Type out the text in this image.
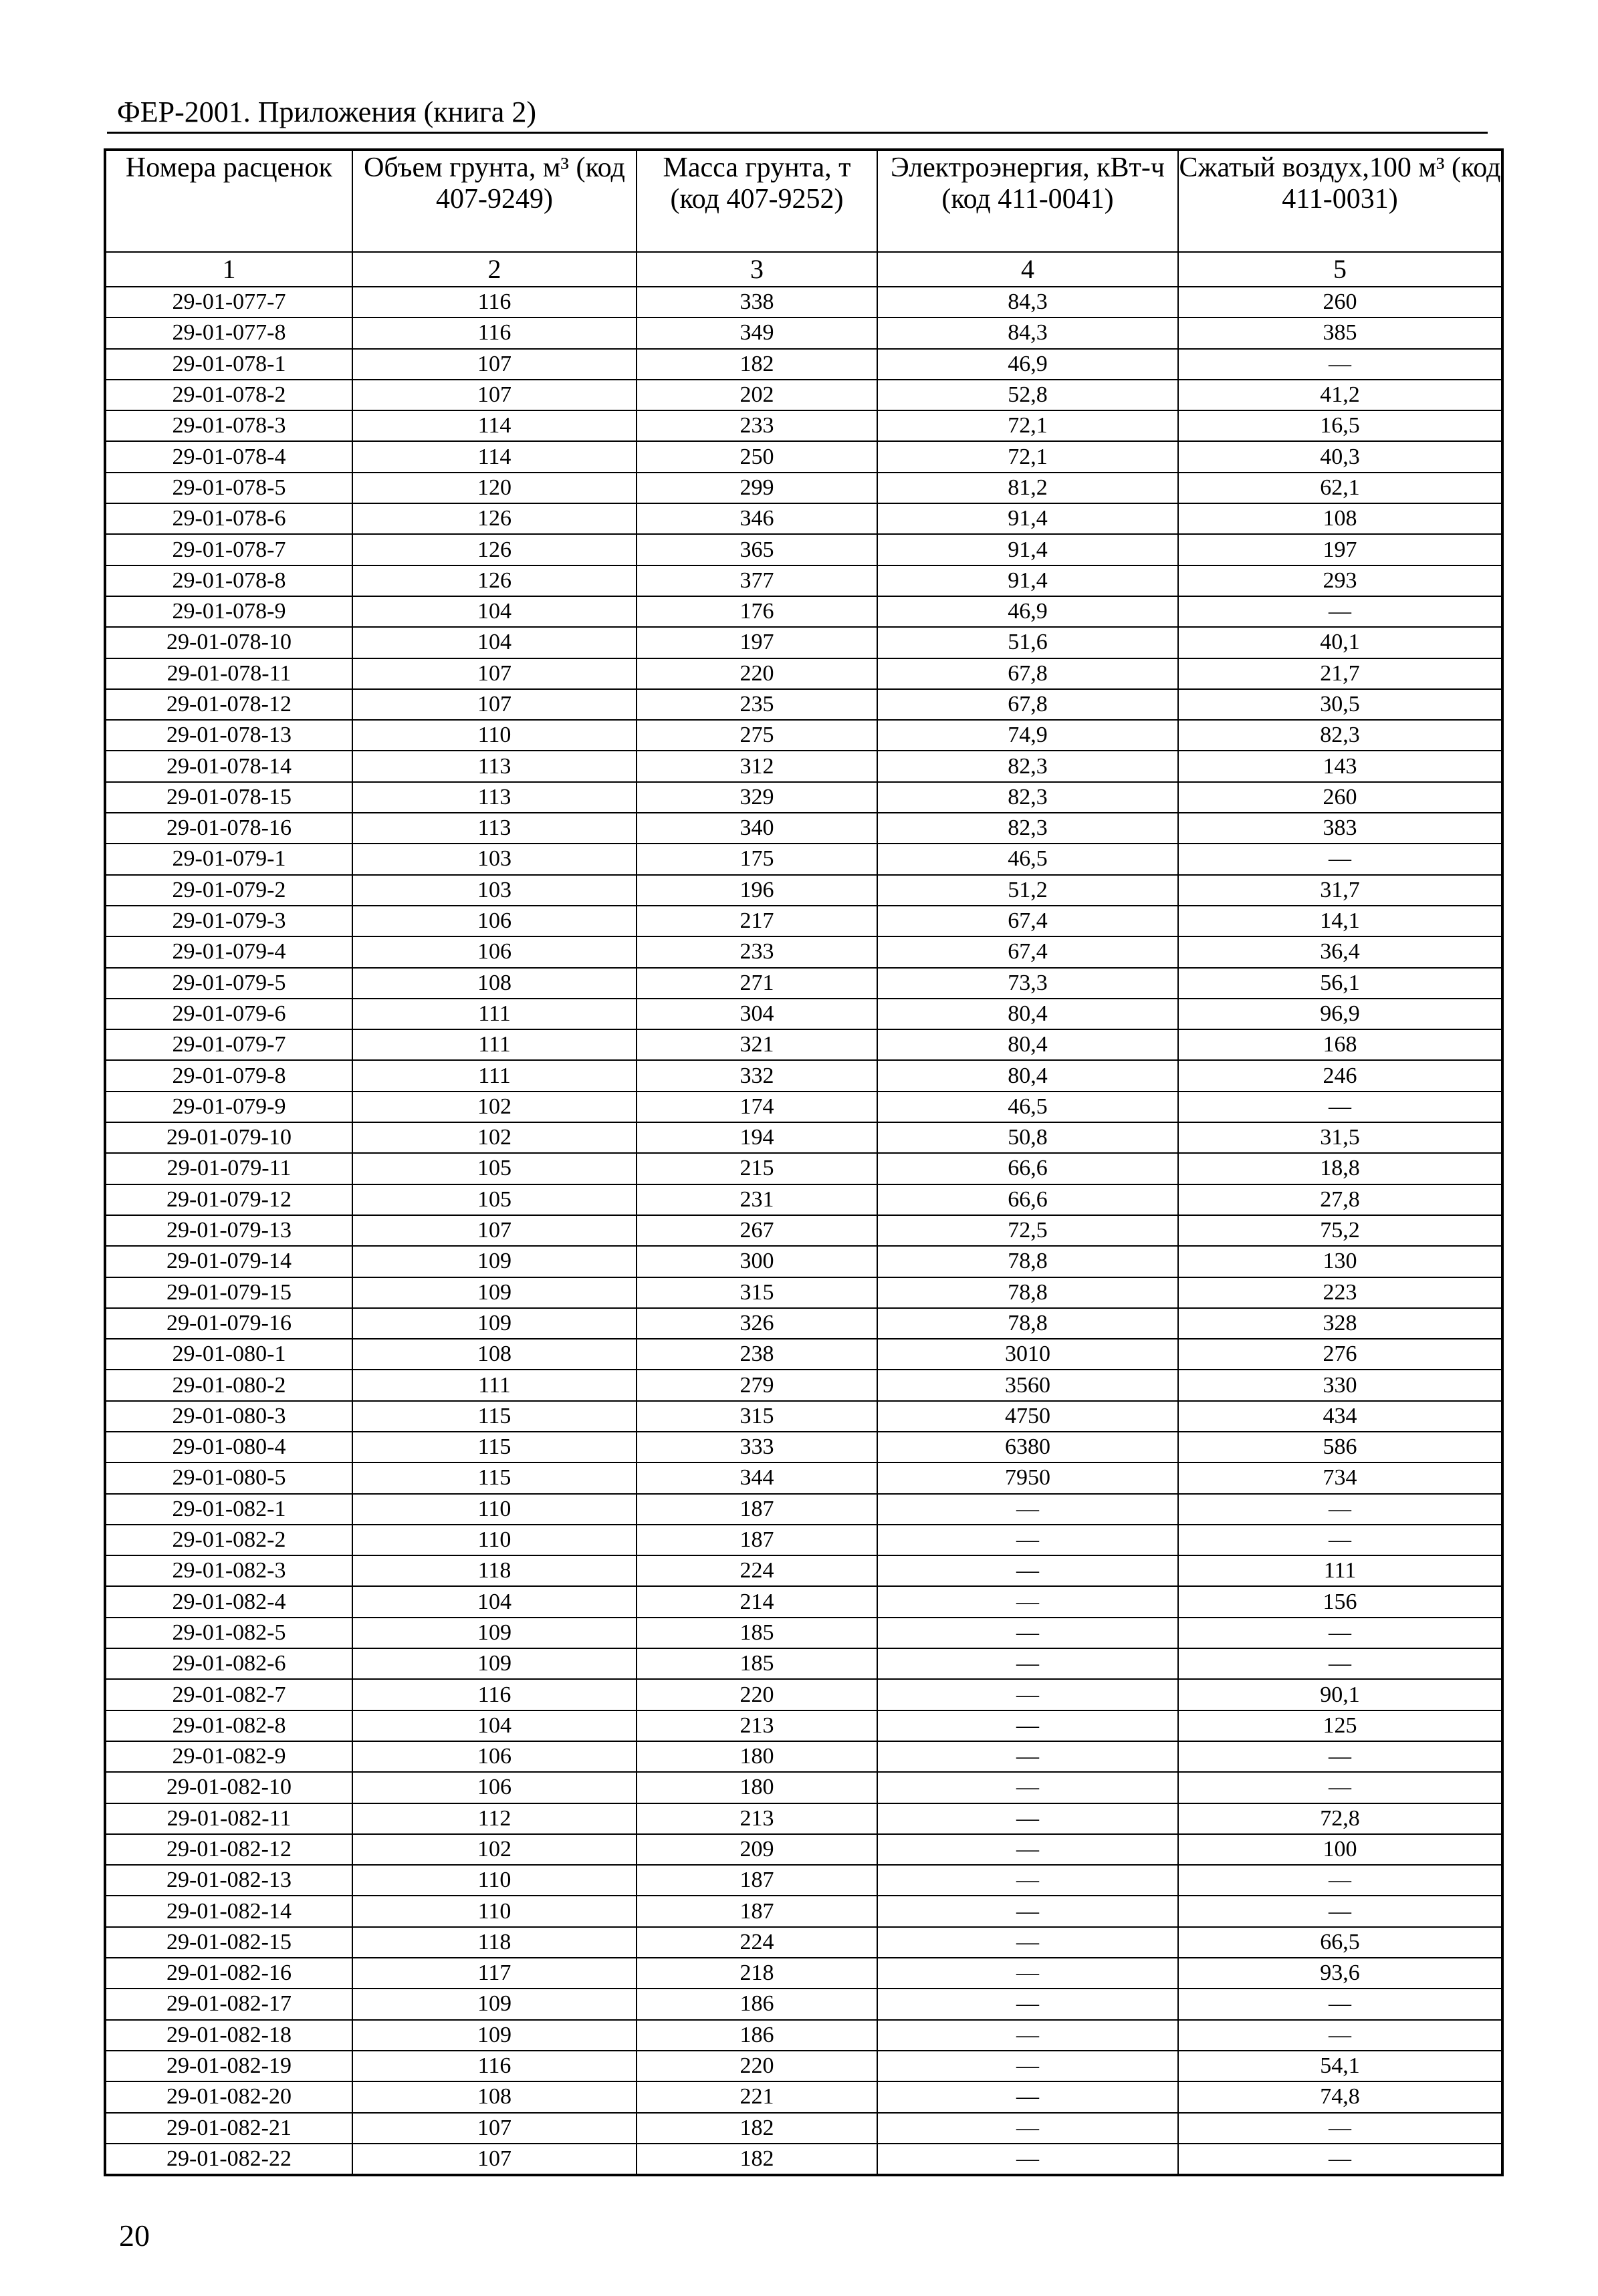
ФЕР-2001. Приложения (книга 2)
Номера расценок	Объем грунта, м³ (код 407-9249)	Масса грунта, т (код 407-9252)	Электроэнергия, кВт-ч (код 411-0041)	Сжатый воздух,100 м³ (код 411-0031)
1	2	3	4	5
29-01-077-7	116	338	84,3	260
29-01-077-8	116	349	84,3	385
29-01-078-1	107	182	46,9	—
29-01-078-2	107	202	52,8	41,2
29-01-078-3	114	233	72,1	16,5
29-01-078-4	114	250	72,1	40,3
29-01-078-5	120	299	81,2	62,1
29-01-078-6	126	346	91,4	108
29-01-078-7	126	365	91,4	197
29-01-078-8	126	377	91,4	293
29-01-078-9	104	176	46,9	—
29-01-078-10	104	197	51,6	40,1
29-01-078-11	107	220	67,8	21,7
29-01-078-12	107	235	67,8	30,5
29-01-078-13	110	275	74,9	82,3
29-01-078-14	113	312	82,3	143
29-01-078-15	113	329	82,3	260
29-01-078-16	113	340	82,3	383
29-01-079-1	103	175	46,5	—
29-01-079-2	103	196	51,2	31,7
29-01-079-3	106	217	67,4	14,1
29-01-079-4	106	233	67,4	36,4
29-01-079-5	108	271	73,3	56,1
29-01-079-6	111	304	80,4	96,9
29-01-079-7	111	321	80,4	168
29-01-079-8	111	332	80,4	246
29-01-079-9	102	174	46,5	—
29-01-079-10	102	194	50,8	31,5
29-01-079-11	105	215	66,6	18,8
29-01-079-12	105	231	66,6	27,8
29-01-079-13	107	267	72,5	75,2
29-01-079-14	109	300	78,8	130
29-01-079-15	109	315	78,8	223
29-01-079-16	109	326	78,8	328
29-01-080-1	108	238	3010	276
29-01-080-2	111	279	3560	330
29-01-080-3	115	315	4750	434
29-01-080-4	115	333	6380	586
29-01-080-5	115	344	7950	734
29-01-082-1	110	187	—	—
29-01-082-2	110	187	—	—
29-01-082-3	118	224	—	111
29-01-082-4	104	214	—	156
29-01-082-5	109	185	—	—
29-01-082-6	109	185	—	—
29-01-082-7	116	220	—	90,1
29-01-082-8	104	213	—	125
29-01-082-9	106	180	—	—
29-01-082-10	106	180	—	—
29-01-082-11	112	213	—	72,8
29-01-082-12	102	209	—	100
29-01-082-13	110	187	—	—
29-01-082-14	110	187	—	—
29-01-082-15	118	224	—	66,5
29-01-082-16	117	218	—	93,6
29-01-082-17	109	186	—	—
29-01-082-18	109	186	—	—
29-01-082-19	116	220	—	54,1
29-01-082-20	108	221	—	74,8
29-01-082-21	107	182	—	—
29-01-082-22	107	182	—	—
20
